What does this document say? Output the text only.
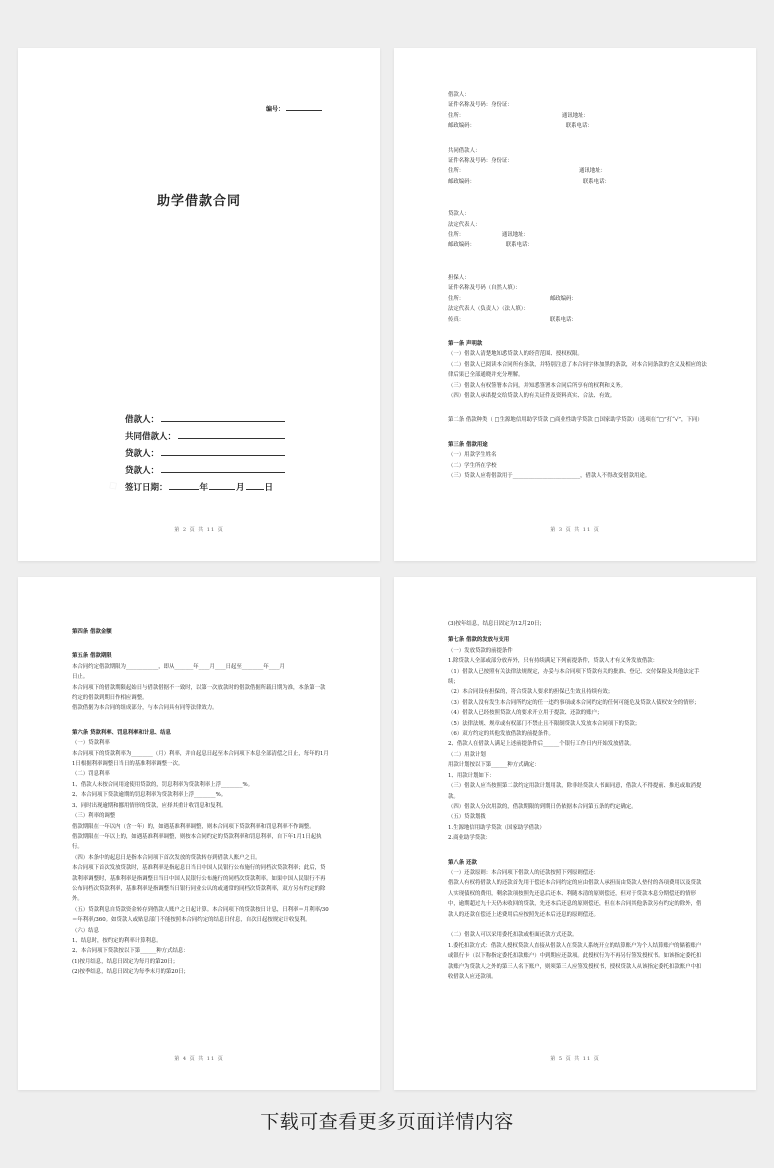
◇
编号：
助学借款合同
借款人：
共同借款人：
贷款人：
贷款人：
签订日期：	年	月 日
第 2 页 共 11 页
借款人：
证件名称及号码：身份证：
住所：                                                         通讯地址：
邮政编码：                                                     联系电话：
共同借款人：
证件名称及号码：身份证：
住所：                                                                   通讯地址：
邮政编码：                                                               联系电话：
贷款人：
法定代表人：
住所：                      通讯地址：
邮政编码：                  联系电话：
担保人：
证件名称及号码（自然人填）：
住所：                                                  邮政编码：
法定代表人（负责人）（法人填）：
传真：                                                  联系电话：
第一条 声明款
（一）借款人清楚地知悉贷款人的经营范围、授权权限。
（二）借款人已阅读本合同所有条款，并特别注意了本合同字体加黑的条款，对本合同条款的含义及相应的法律后果已全部通晓并充分理解。
（三）借款人有权签署本合同，并知悉签署本合同后所享有的权利和义务。
（四）借款人承诺提交给贷款人的有关证件及资料真实、合法、有效。
第二条 借款种类（ □生源地信用助学贷款 □商业性助学贷款 □国家助学贷款）（选项在“□”打“√”，下同）
第三条 借款用途
（一）用款学生姓名
（二）学生所在学校
（三）贷款人应将借款用于_________________________，借款人不得改变借款用途。
第 3 页 共 11 页
第四条 借款金额
第五条 借款期限
本合同约定借款期限为____________，即从_______年____月____日起至________年____月
日止。
本合同项下的借款期限起始日与借款借据不一致时，以第一次放款时的借款借据所载日期为准，本条第一款约定的借款到期日作相应调整。
借款借据为本合同的组成部分，与本合同具有同等法律效力。
第六条 贷款利率、罚息利率和计息、结息
（一）贷款利率
本合同项下的贷款利率为________（月）利率，并自起息日起至本合同项下本息全部清偿之日止，每年的1月1日根据利率调整日当日的基准利率调整一次。
（二）罚息利率
1、借款人未按合同用途使用贷款的，罚息利率为贷款利率上浮________%。
2、本合同项下贷款逾期的罚息利率为贷款利率上浮________%。
3、同时出现逾期和挪用情形的贷款，应择其重计收罚息和复利。
（三）利率的调整
借款期限在一年以内（含一年）的，如遇基准利率调整，则本合同项下贷款利率和罚息利率不作调整。
借款期限在一年以上的，如遇基准利率调整，则按本合同约定的贷款利率和罚息利率，自下年1月1日起执行。
（四）本条中的起息日是指本合同项下首次发放的贷款转存到借款人账户之日。
本合同项下首次发放贷款时，基准利率是指起息日当日中国人民银行公布施行的同档次贷款利率；此后，贷款利率调整时，基准利率是指调整日当日中国人民银行公布施行的同档次贷款利率。如果中国人民银行不再公布同档次贷款利率，基准利率是指调整当日银行同业公认的或通常的同档次贷款利率，双方另有约定的除外。
（五）贷款利息自贷款资金转存到借款人账户之日起计算。本合同项下的贷款按日计息，日利率＝月利率/30＝年利率/360。如贷款人或贴息部门不能按照本合同约定的结息日付息，自次日起按规定计收复利。
（六）结息
1、结息时，按约定的利率计算利息。
2、本合同项下贷款按以下第______种方式结息：
(1)按月结息，结息日固定为每月的第20日；
(2)按季结息，结息日固定为每季末月的第20日；
第 4 页 共 11 页
(3)按年结息，结息日固定为12月20日；
第七条 借款的发放与支用
（一）发放贷款的前提条件
1.除贷款人全部或部分放弃外，只有持续满足下列前提条件，贷款人才有义务发放借款：
（1）借款人已按照有关法律法规规定，办妥与本合同项下贷款有关的批准、登记、交付保险及其他法定手续；
（2）本合同设有担保的，符合贷款人要求的担保已生效且持续有效；
（3）借款人没有发生本合同所约定的任一违约事项或本合同约定的任何可能危及贷款人债权安全的情形；
（4）借款人已经按照贷款人的要求开立用于提款、还款的账户；
（5）法律法规、规章或有权部门不禁止且不限制贷款人发放本合同项下的贷款；
（6）双方约定的其他发放借款的前提条件。
2、借款人在借款人满足上述前提条件后______个银行工作日内开始发放借款。
（二）用款计划
用款计划按以下第______种方式确定：
1、用款计划如下：
（三）借款人应当按照第二款约定用款计划用款，除非经贷款人书面同意，借款人不得提前、推迟或取消提款。
（四）借款人分次用款的，借款期限的到期日仍依据本合同第五条的约定确定。
（五）贷款划拨
1.生源地信用助学贷款（国家助学借款）
2.商业助学贷款：
第八条 还款
（一）还款原则：本合同项下借款人的还款按照下列原则偿还：
借款人有权将借款人的还款首先用于偿还本合同约定的应由借款人承担而由贷款人垫付的各项费用以及贷款人实现债权的费用，剩余款项按照先还息后还本、利随本清的原则偿还，但对于贷款本息分期偿还的情形中，逾期超过九十天仍未收回的贷款，先还本后还息的原则偿还，但在本合同其他条款另有约定的除外，借款人的还款在偿还上述费用后应按照先还本后还息的原则偿还。
（二）借款人可以采用委托扣款或柜面还款方式还款。
1.委托扣款方式：借款人授权贷款人直接从借款人在贷款人系统开立的结算账户为个人结算账户的储蓄账户或银行卡（以下称指定委托扣款账户）中到期应还款项。此授权行为不再另行签发授权书。如该指定委托扣款账户为贷款人之外的第三人名下账户，则须第三人应签发授权书，授权贷款人从该指定委托扣款账户中扣收借款人应还款项。
第 5 页 共 11 页
下载可查看更多页面详情内容
